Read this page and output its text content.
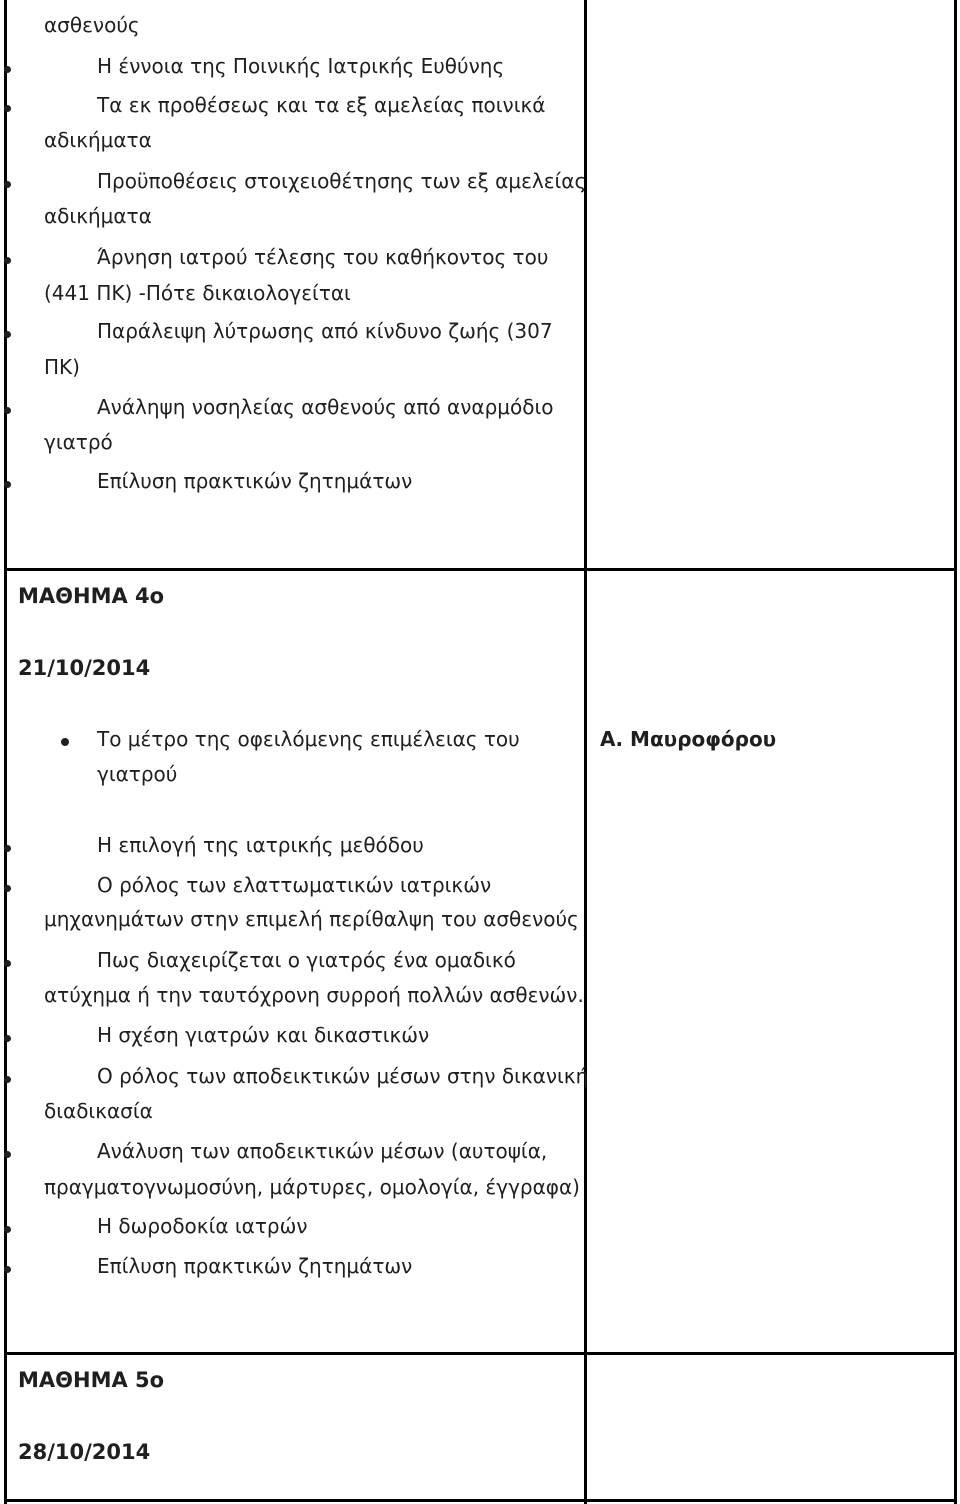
ασθενούς
Η έννοια της Ποινικής Ιατρικής Ευθύνης
Τα εκ προθέσεως και τα εξ αμελείας ποινικά
αδικήματα
Προϋποθέσεις στοιχειοθέτησης των εξ αμελείας
αδικήματα
Άρνηση ιατρού τέλεσης του καθήκοντος του
(441 ΠΚ) -Πότε δικαιολογείται
Παράλειψη λύτρωσης από κίνδυνο ζωής (307
ΠΚ)
Ανάληψη νοσηλείας ασθενούς από αναρμόδιο
γιατρό
Επίλυση πρακτικών ζητημάτων
ΜΑΘΗΜΑ 4ο
21/10/2014
Το μέτρο της οφειλόμενης επιμέλειας του
γιατρού
Α. Μαυροφόρου
Η επιλογή της ιατρικής μεθόδου
Ο ρόλος των ελαττωματικών ιατρικών
μηχανημάτων στην επιμελή περίθαλψη του ασθενούς
Πως διαχειρίζεται ο γιατρός ένα ομαδικό
ατύχημα ή την ταυτόχρονη συρροή πολλών ασθενών.
Η σχέση γιατρών και δικαστικών
Ο ρόλος των αποδεικτικών μέσων στην δικανική
διαδικασία
Ανάλυση των αποδεικτικών μέσων (αυτοψία,
πραγματογνωμοσύνη, μάρτυρες, ομολογία, έγγραφα)
Η δωροδοκία ιατρών
Επίλυση πρακτικών ζητημάτων
ΜΑΘΗΜΑ 5ο
28/10/2014
